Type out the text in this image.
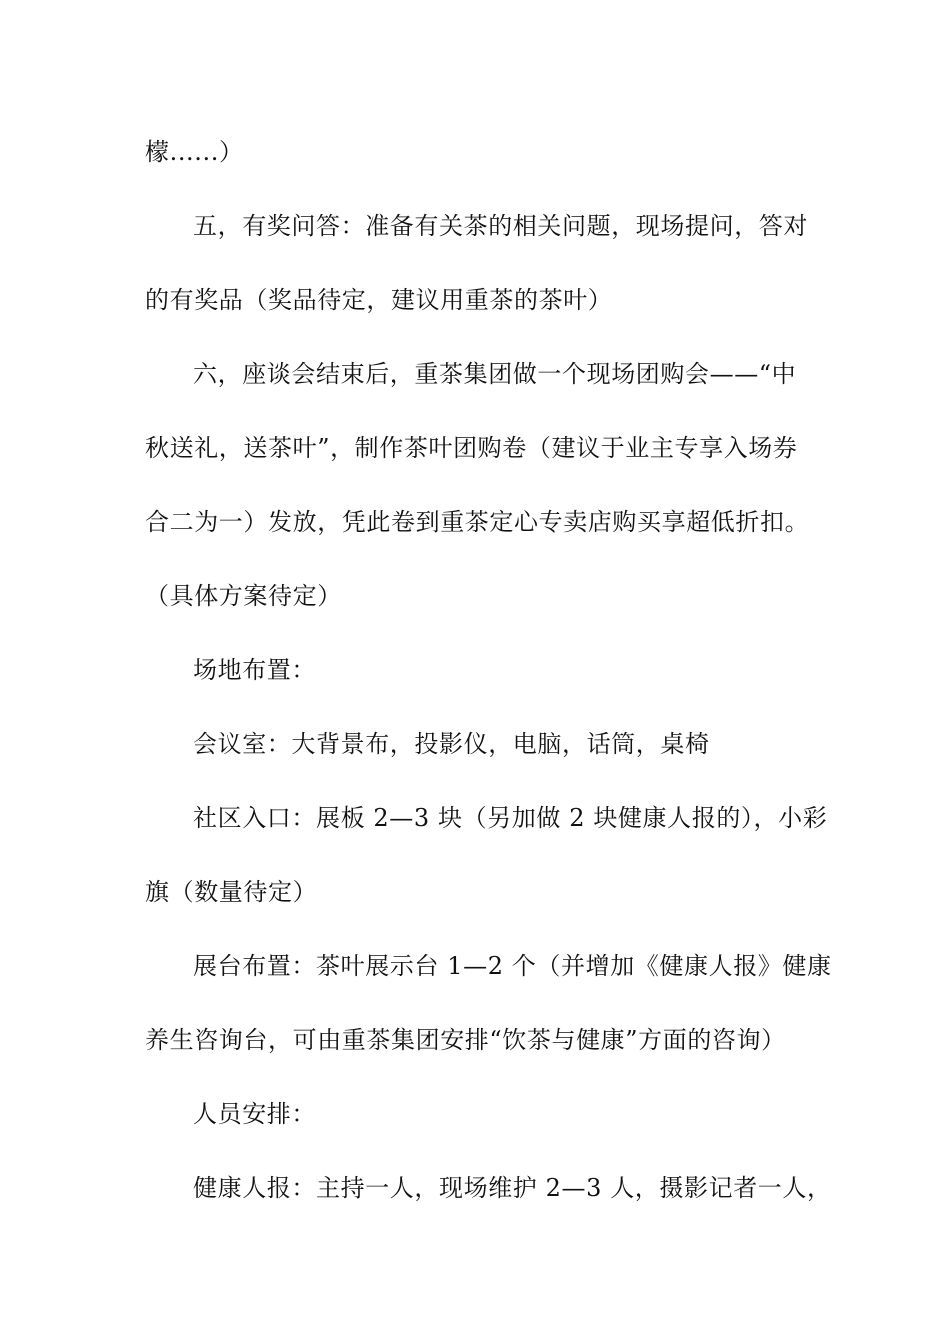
檬......）
五，有奖问答：准备有关茶的相关问题，现场提问，答对
的有奖品（奖品待定，建议用重茶的茶叶）
六，座谈会结束后，重茶集团做一个现场团购会——“中
秋送礼，送茶叶”，制作茶叶团购卷（建议于业主专享入场券
合二为一）发放，凭此卷到重茶定心专卖店购买享超低折扣。
（具体方案待定）
场地布置：
会议室：大背景布，投影仪，电脑，话筒，桌椅
社区入口：展板 2—3 块（另加做 2 块健康人报的），小彩
旗（数量待定）
展台布置：茶叶展示台 1—2 个（并增加《健康人报》健康
养生咨询台，可由重茶集团安排“饮茶与健康”方面的咨询）
人员安排：
健康人报：主持一人，现场维护 2—3 人，摄影记者一人，
